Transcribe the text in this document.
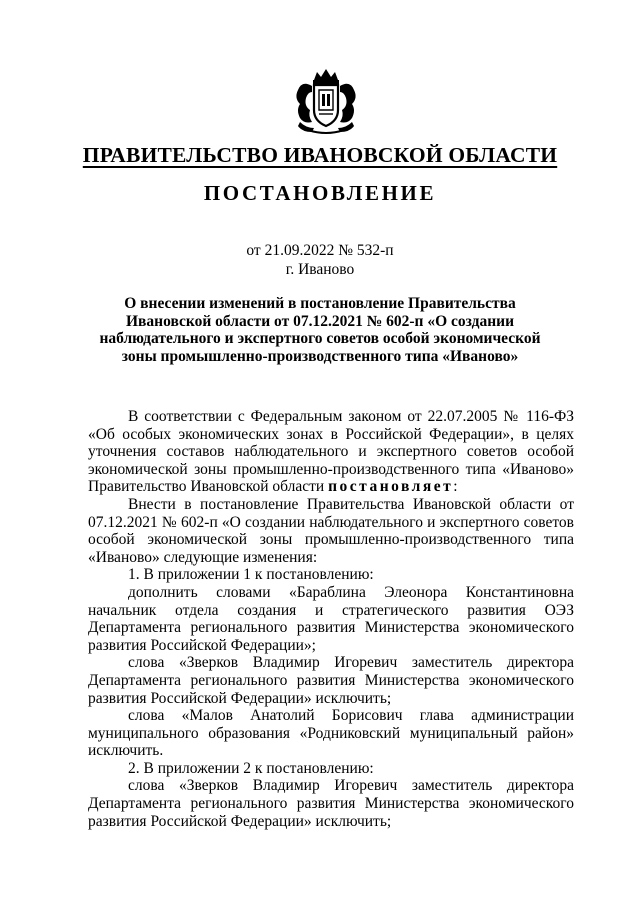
ПРАВИТЕЛЬСТВО ИВАНОВСКОЙ ОБЛАСТИ
ПОСТАНОВЛЕНИЕ
от 21.09.2022 № 532-п
г. Иваново
О внесении изменений в постановление Правительства
Ивановской области от 07.12.2021 № 602-п «О создании
наблюдательного и экспертного советов особой экономической
зоны промышленно-производственного типа «Иваново»

В соответствии с Федеральным законом от 22.07.2005 № 116-ФЗ «Об особых экономических зонах в Российской Федерации», в целях уточнения составов наблюдательного и экспертного советов особой экономической зоны промышленно-производственного типа «Иваново» Правительство Ивановской области постановляет:

Внести в постановление Правительства Ивановской области от 07.12.2021 № 602-п «О создании наблюдательного и экспертного советов особой экономической зоны промышленно-производственного типа «Иваново» следующие изменения:

1. В приложении 1 к постановлению:

дополнить словами «Бараблина Элеонора Константиновна начальник отдела создания и стратегического развития ОЭЗ Департамента регионального развития Министерства экономического развития Российской Федерации»;

слова «Зверков Владимир Игоревич заместитель директора Департамента регионального развития Министерства экономического развития Российской Федерации» исключить;

слова «Малов Анатолий Борисович глава администрации муниципального образования «Родниковский муниципальный район» исключить.

2. В приложении 2 к постановлению:

слова «Зверков Владимир Игоревич заместитель директора Департамента регионального развития Министерства экономического развития Российской Федерации» исключить;
